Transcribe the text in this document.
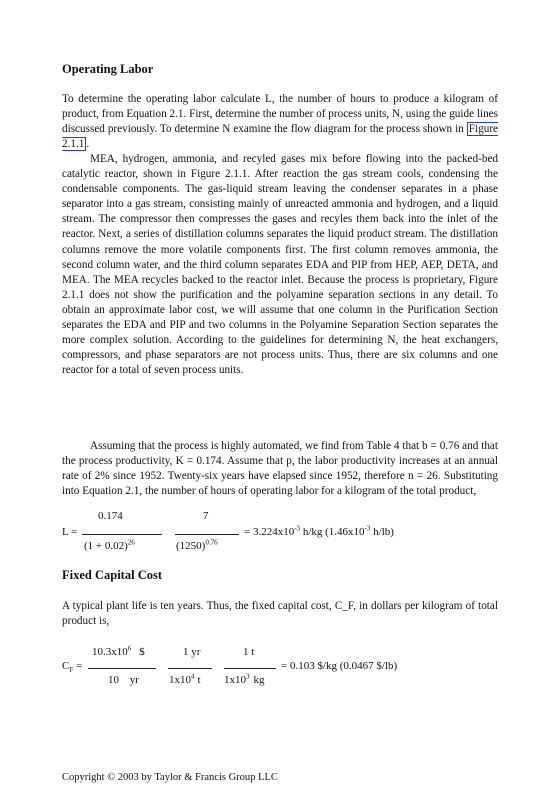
Operating Labor

To determine the operating labor calculate L, the number of hours to produce a kilogram of product, from Equation 2.1. First, determine the number of process units, N, using the guide lines discussed previously. To determine N examine the flow diagram for the process shown in Figure 2.1.1 .

MEA, hydrogen, ammonia, and recyled gases mix before flowing into the packed-bed catalytic reactor, shown in Figure 2.1.1. After reaction the gas stream cools, condensing the condensable components. The gas-liquid stream leaving the condenser separates in a phase separator into a gas stream, consisting mainly of unreacted ammonia and hydrogen, and a liquid stream. The compressor then compresses the gases and recyles them back into the inlet of the reactor. Next, a series of distillation columns separates the liquid product stream. The distillation columns remove the more volatile components first. The first column removes ammonia, the second column water, and the third column separates EDA and PIP from HEP, AEP, DETA, and MEA. The MEA recycles backed to the reactor inlet. Because the process is proprietary, Figure 2.1.1 does not show the purification and the polyamine separation sections in any detail. To obtain an approximate labor cost, we will assume that one column in the Purification Section separates the EDA and PIP and two columns in the Polyamine Separation Section separates the more complex solution. According to the guidelines for determining N, the heat exchangers, compressors, and phase separators are not process units. Thus, there are six columns and one reactor for a total of seven process units.

Assuming that the process is highly automated, we find from Table 4 that b = 0.76 and that the process productivity, K = 0.174. Assume that p, the labor productivity increases at an annual rate of 2% since 1952. Twenty-six years have elapsed since 1952, therefore n = 26. Substituting into Equation 2.1, the number of hours of operating labor for a kilogram of the total product,

0.174	7
L =
$(1 + 0.02)^{26}$	$(1250)^{0.76}$
= $3.224x10^{-3}$ h/kg ($1.46x10^{-3}$ h/lb)
Fixed Capital Cost

A typical plant life is ten years. Thus, the fixed capital cost, C_F, in dollars per kilogram of total product is,

$10.3x10^6$ $	1 yr	1 t
$C_F$ =
10 yr	$1x10^4$ t $1x10^3$ kg
= 0.103 $/kg (0.0467 $/lb)
Copyright © 2003 by Taylor & Francis Group LLC
